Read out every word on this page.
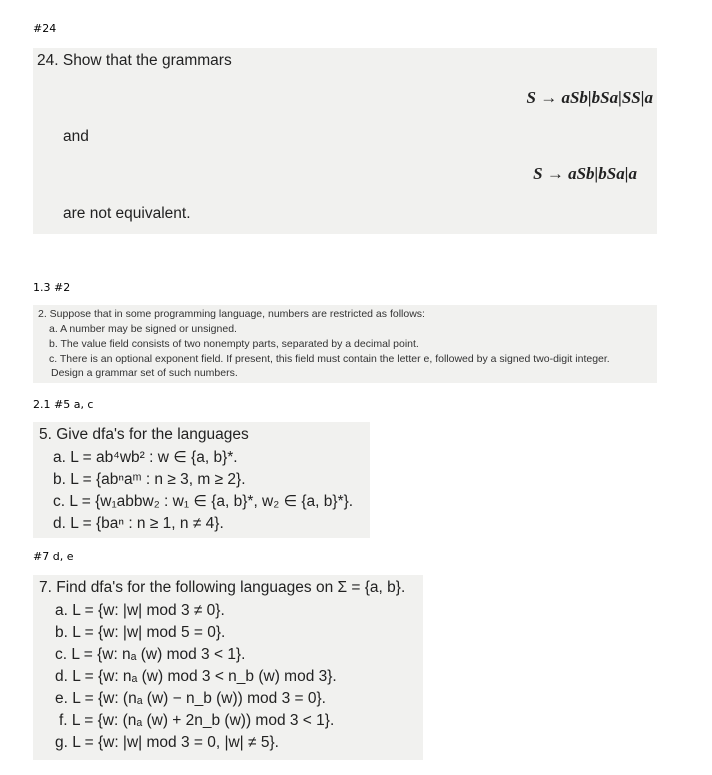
#24
24. Show that the grammars
S → aSb|bSa|SS|a
and
S → aSb|bSa|a
are not equivalent.
1.3 #2
2. Suppose that in some programming language, numbers are restricted as follows:
a. A number may be signed or unsigned.
b. The value field consists of two nonempty parts, separated by a decimal point.
c. There is an optional exponent field. If present, this field must contain the letter e, followed by a signed two-digit integer.
Design a grammar set of such numbers.
2.1 #5 a, c
5. Give dfa's for the languages
a. L = ab⁴wb² : w ∈ {a, b}*.
b. L = {abⁿaᵐ : n ≥ 3, m ≥ 2}.
c. L = {w₁abbw₂ : w₁ ∈ {a, b}*, w₂ ∈ {a, b}*}.
d. L = {baⁿ : n ≥ 1, n ≠ 4}.
#7 d, e
7. Find dfa's for the following languages on Σ = {a, b}.
a. L = {w: |w| mod 3 ≠ 0}.
b. L = {w: |w| mod 5 = 0}.
c. L = {w: nₐ (w) mod 3 < 1}.
d. L = {w: nₐ (w) mod 3 < n_b (w) mod 3}.
e. L = {w: (nₐ (w) − n_b (w)) mod 3 = 0}.
f. L = {w: (nₐ (w) + 2n_b (w)) mod 3 < 1}.
g. L = {w: |w| mod 3 = 0, |w| ≠ 5}.
